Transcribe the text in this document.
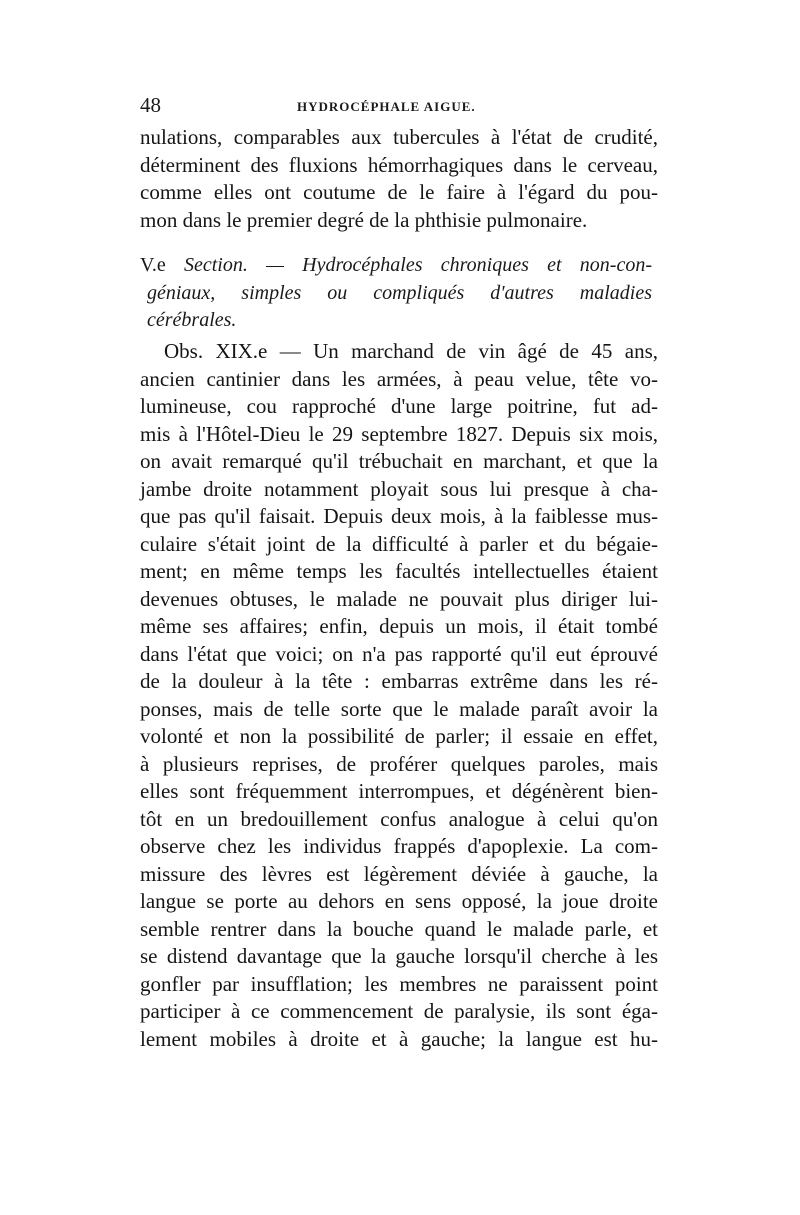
48	HYDROCÉPHALE AIGUE.
nulations, comparables aux tubercules à l'état de crudité,
déterminent des fluxions hémorrhagiques dans le cerveau,
comme elles ont coutume de le faire à l'égard du pou-
mon dans le premier degré de la phthisie pulmonaire.
V.e Section. — Hydrocéphales chroniques et non-con-
géniaux, simples ou compliqués d'autres maladies
cérébrales.
Obs. XIX.e — Un marchand de vin âgé de 45 ans,
ancien cantinier dans les armées, à peau velue, tête vo-
lumineuse, cou rapproché d'une large poitrine, fut ad-
mis à l'Hôtel-Dieu le 29 septembre 1827. Depuis six mois,
on avait remarqué qu'il trébuchait en marchant, et que la
jambe droite notamment ployait sous lui presque à cha-
que pas qu'il faisait. Depuis deux mois, à la faiblesse mus-
culaire s'était joint de la difficulté à parler et du bégaie-
ment; en même temps les facultés intellectuelles étaient
devenues obtuses, le malade ne pouvait plus diriger lui-
même ses affaires; enfin, depuis un mois, il était tombé
dans l'état que voici; on n'a pas rapporté qu'il eut éprouvé
de la douleur à la tête : embarras extrême dans les ré-
ponses, mais de telle sorte que le malade paraît avoir la
volonté et non la possibilité de parler; il essaie en effet,
à plusieurs reprises, de proférer quelques paroles, mais
elles sont fréquemment interrompues, et dégénèrent bien-
tôt en un bredouillement confus analogue à celui qu'on
observe chez les individus frappés d'apoplexie. La com-
missure des lèvres est légèrement déviée à gauche, la
langue se porte au dehors en sens opposé, la joue droite
semble rentrer dans la bouche quand le malade parle, et
se distend davantage que la gauche lorsqu'il cherche à les
gonfler par insufflation; les membres ne paraissent point
participer à ce commencement de paralysie, ils sont éga-
lement mobiles à droite et à gauche; la langue est hu-
